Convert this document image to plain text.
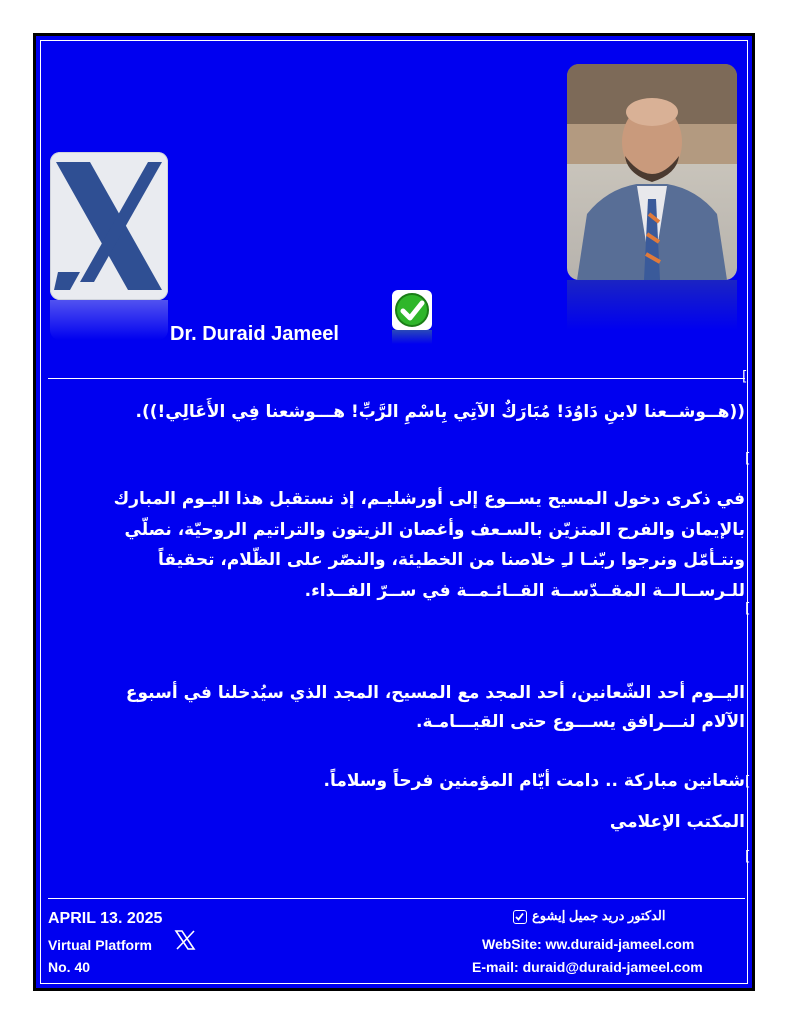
Dr. Duraid Jameel
[
[ ]
[
[
[ ]
((هــوشــعنا لابنِ دَاوُدَ! مُبَارَكٌ الآتِي بِاسْمِ الرَّبِّ! هـــوشعنا فِي الأَعَالِي!)).
في ذكرى دخول المسيح يســوع إلى أورشليـم، إذ نستقبل هذا اليـوم المبارك
بالإيمان والفرح المتزيّن بالسـعف وأغصان الزيتون والتراتيم الروحيّة، نصلّي
ونتـأمّل ونرجوا ربّنـا لـِ خلاصنا من الخطيئة، والنصّر على الظّلام، تحقيقاً
للـرســالــة المقــدّســة القــائـمــة في ســرّ الفــداء.
اليــوم أحد الشّعانين، أحد المجد مع المسيح، المجد الذي سيُدخلنا في أسبوع
الآلام لنـــرافق يســـوع حتى القيـــامـة.
شعانين مباركة .. دامت أيّام المؤمنين فرحاً وسلاماً.
المكتب الإعلامي
APRIL 13. 2025
Virtual Platform
No. 40
الدكتور دريد جميل إيشوع
WebSite: ww.duraid-jameel.com
E-mail: duraid@duraid-jameel.com
